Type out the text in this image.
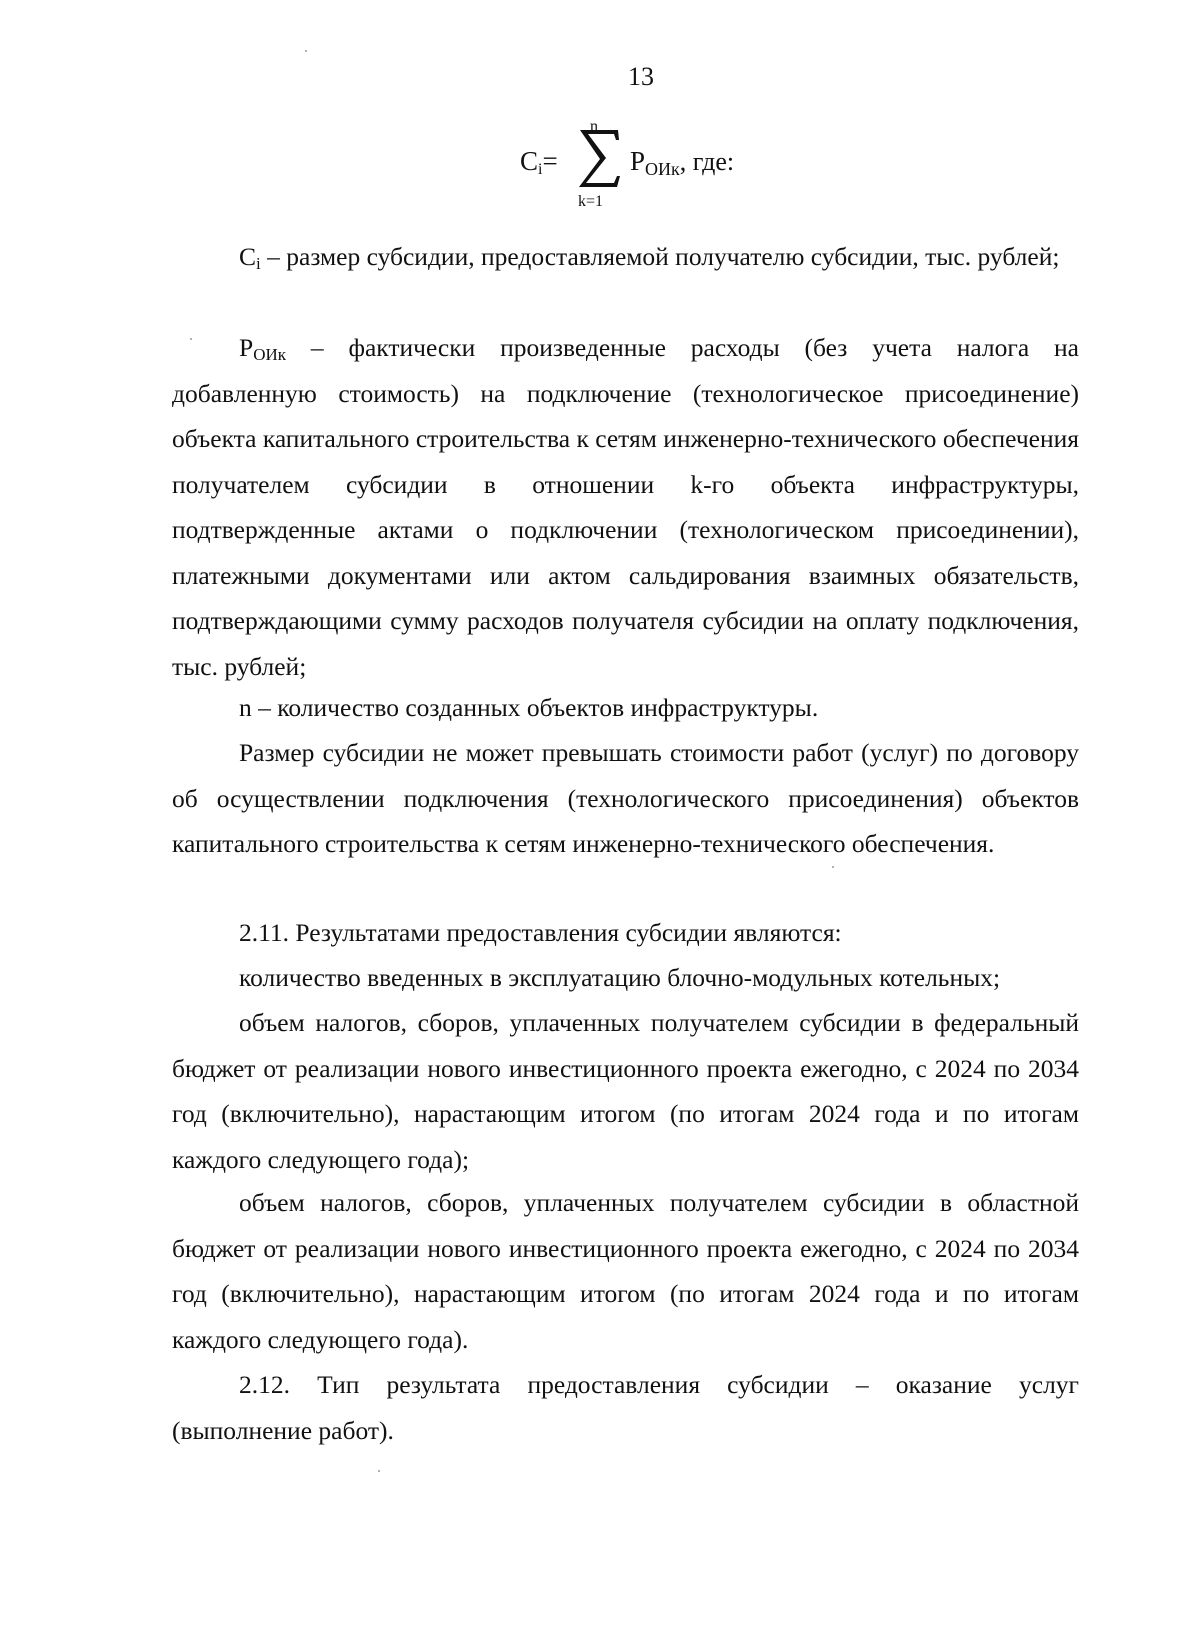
13
$C_i=$
n
k=1
$P_{ОИк}$, где:

$C_i$ – размер субсидии, предоставляемой получателю субсидии, тыс. рублей;

$P_{ОИк}$ – фактически произведенные расходы (без учета налога на добавленную стоимость) на подключение (технологическое присоединение) объекта капитального строительства к сетям инженерно-технического обеспечения получателем субсидии в отношении k-го объекта инфраструктуры, подтвержденные актами о подключении (технологическом присоединении), платежными документами или актом сальдирования взаимных обязательств, подтверждающими сумму расходов получателя субсидии на оплату подключения, тыс. рублей;

n – количество созданных объектов инфраструктуры.

Размер субсидии не может превышать стоимости работ (услуг) по договору об осуществлении подключения (технологического присоединения) объектов капитального строительства к сетям инженерно-технического обеспечения.

2.11. Результатами предоставления субсидии являются:

количество введенных в эксплуатацию блочно-модульных котельных;

объем налогов, сборов, уплаченных получателем субсидии в федеральный бюджет от реализации нового инвестиционного проекта ежегодно, с 2024 по 2034 год (включительно), нарастающим итогом (по итогам 2024 года и по итогам каждого следующего года);

объем налогов, сборов, уплаченных получателем субсидии в областной бюджет от реализации нового инвестиционного проекта ежегодно, с 2024 по 2034 год (включительно), нарастающим итогом (по итогам 2024 года и по итогам каждого следующего года).

2.12. Тип результата предоставления субсидии – оказание услуг (выполнение работ).
